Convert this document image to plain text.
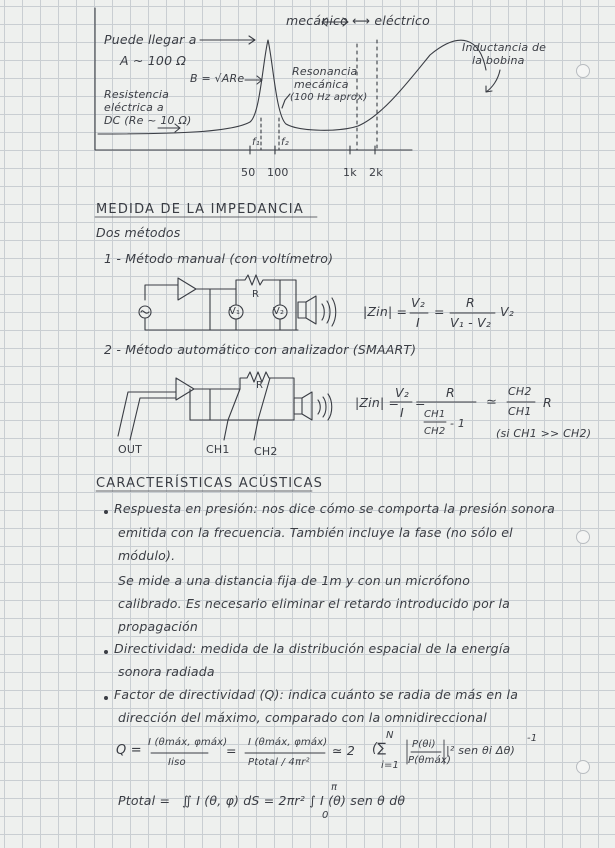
mecánico ⟷ eléctrico
Puede llegar a
A ~ 100 Ω
B = √ARe
Resistencia
eléctrica a
DC (Re ~ 10 Ω)
Resonancia
mecánica
(100 Hz aprox)
Inductancia de
la bobina
f₁ f₂
50 100	1k 2k
MEDIDA DE LA IMPEDANCIA
Dos métodos
1 - Método manual (con voltímetro)
R
V₁	V₂	|Zin| =
V₂
I
=
R
V₁ - V₂
V₂
2 - Método automático con analizador (SMAART)
R
OUT	CH1 CH2
|Zin| =
V₂
I
=
R
CH1
CH2
- 1
≃
CH2
CH1
R
(si CH1 >> CH2)
CARACTERÍSTICAS ACÚSTICAS
Respuesta en presión: nos dice cómo se comporta la presión sonora
emitida con la frecuencia. También incluye la fase (no sólo el
módulo).
Se mide a una distancia fija de 1m y con un micrófono
calibrado. Es necesario eliminar el retardo introducido por la
propagación
Directividad: medida de la distribución espacial de la energía
sonora radiada
Factor de directividad (Q): indica cuánto se radia de más en la
dirección del máximo, comparado con la omnidireccional
Q =
I (θmáx, φmáx)
Iiso
=
I (θmáx, φmáx)
Ptotal / 4πr²
≃ 2 (∑
N
i=1
P(θi)
P(θmáx)
|² sen θi Δθ)
-1
Ptotal = ∬ I (θ, φ) dS = 2πr² ∫ I (θ) sen θ dθ
π
0
